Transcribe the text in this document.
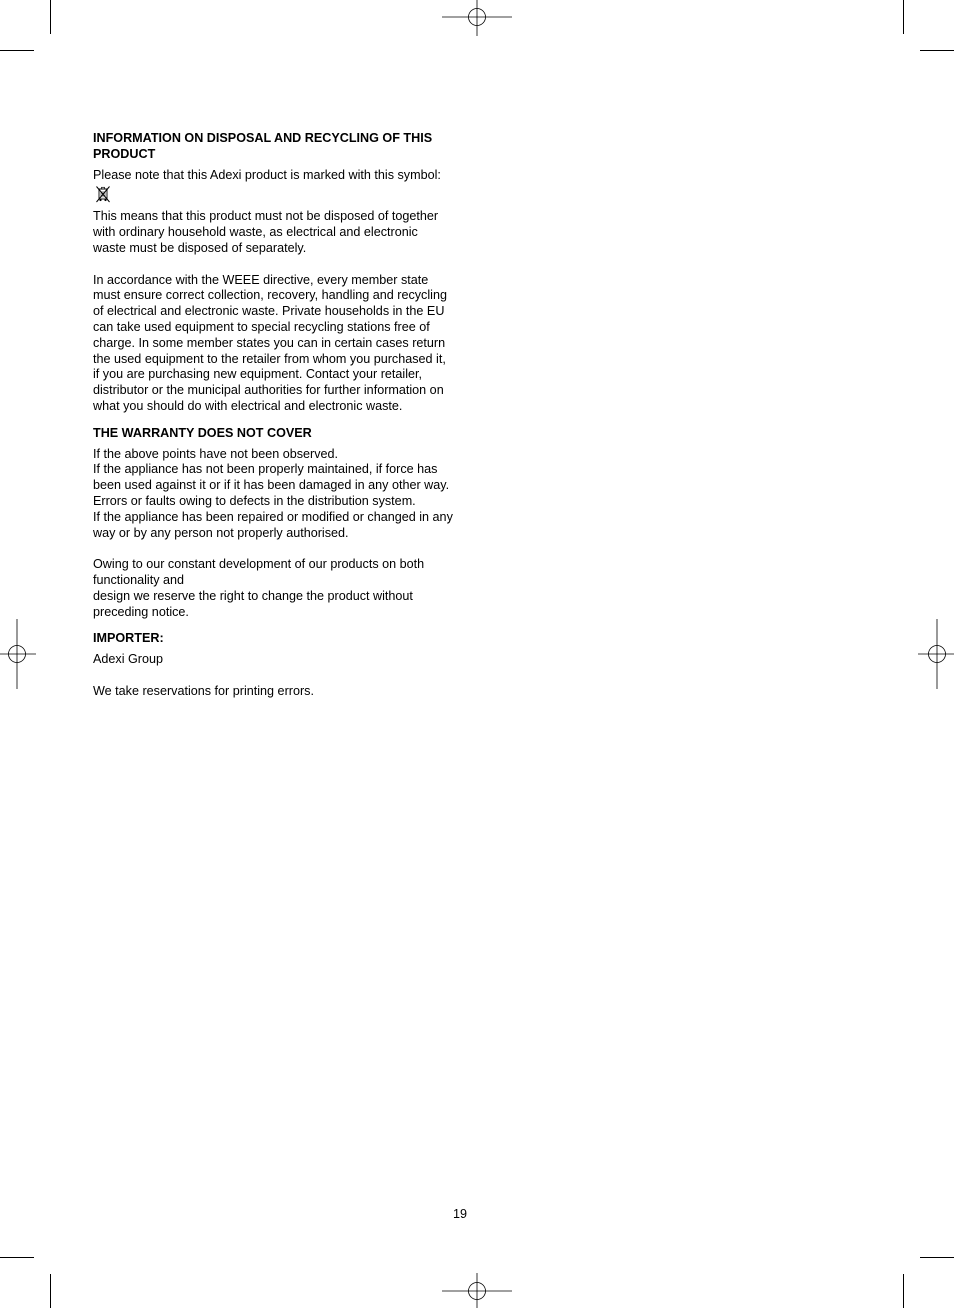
INFORMATION ON DISPOSAL AND RECYCLING OF THIS PRODUCT

Please note that this Adexi product is marked with this symbol:

This means that this product must not be disposed of together with ordinary household waste, as electrical and electronic waste must be disposed of separately.

In accordance with the WEEE directive, every member state must ensure correct collection, recovery, handling and recycling of electrical and electronic waste. Private households in the EU can take used equipment to special recycling stations free of charge. In some member states you can in certain cases return the used equipment to the retailer from whom you purchased it, if you are purchasing new equipment. Contact your retailer, distributor or the municipal authorities for further information on what you should do with electrical and electronic waste.

THE WARRANTY DOES NOT COVER

If the above points have not been observed.

If the appliance has not been properly maintained, if force has been used against it or if it has been damaged in any other way.

Errors or faults owing to defects in the distribution system.

If the appliance has been repaired or modified or changed in any way or by any person not properly authorised.

Owing to our constant development of our products on both functionality and

design we reserve the right to change the product without preceding notice.

IMPORTER:

Adexi Group

We take reservations for printing errors.

19
